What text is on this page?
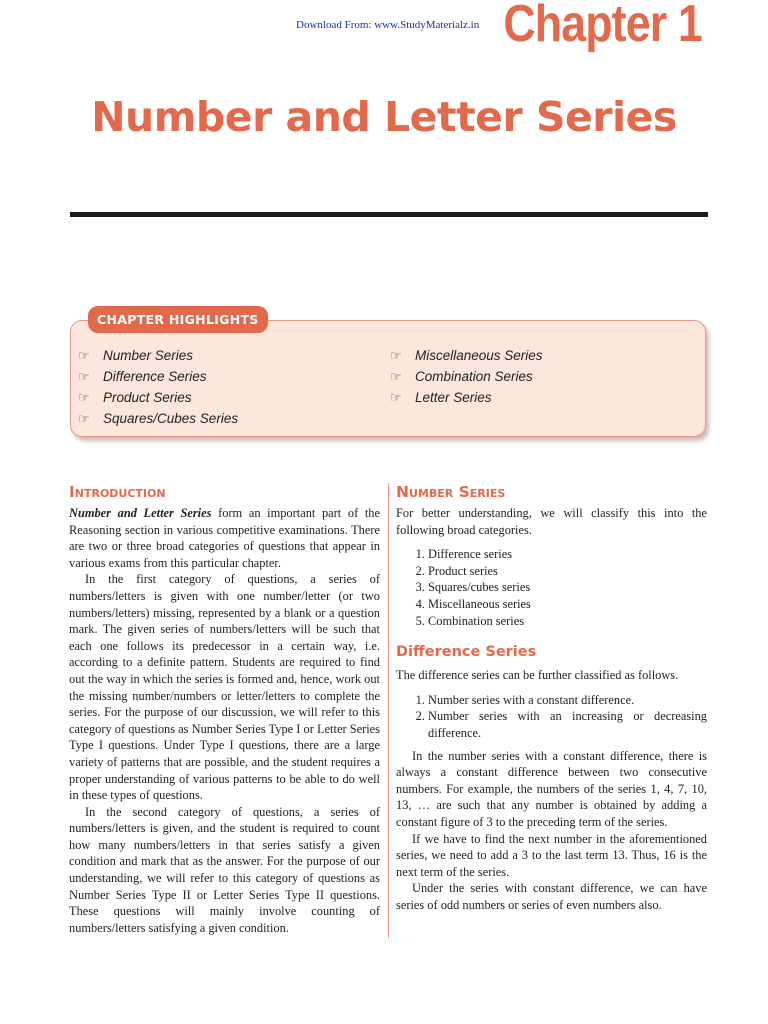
Download From: www.StudyMaterialz.in Chapter 1
Number and Letter Series
CHAPTER HIGHLIGHTS
☞ Number Series
☞ Difference Series
☞ Product Series
☞ Squares/Cubes Series
☞ Miscellaneous Series
☞ Combination Series
☞ Letter Series
Introduction

Number and Letter Series form an important part of the Reasoning section in various competitive examinations. There are two or three broad categories of questions that appear in various exams from this particular chapter.

In the first category of questions, a series of numbers/letters is given with one number/letter (or two numbers/letters) missing, represented by a blank or a question mark. The given series of numbers/letters will be such that each one follows its predecessor in a certain way, i.e. according to a definite pattern. Students are required to find out the way in which the series is formed and, hence, work out the missing number/numbers or letter/letters to complete the series. For the purpose of our discussion, we will refer to this category of questions as Number Series Type I or Letter Series Type I questions. Under Type I questions, there are a large variety of patterns that are possible, and the student requires a proper understanding of various patterns to be able to do well in these types of questions.

In the second category of questions, a series of numbers/letters is given, and the student is required to count how many numbers/letters in that series satisfy a given condition and mark that as the answer. For the purpose of our understanding, we will refer to this category of questions as Number Series Type II or Letter Series Type II questions. These questions will mainly involve counting of numbers/letters satisfying a given condition.

Number Series

For better understanding, we will classify this into the following broad categories.

1. Difference series
2. Product series
3. Squares/cubes series
4. Miscellaneous series
5. Combination series
Difference Series

The difference series can be further classified as follows.

1. Number series with a constant difference.
2. Number series with an increasing or decreasing difference.

In the number series with a constant difference, there is always a constant difference between two consecutive numbers. For example, the numbers of the series 1, 4, 7, 10, 13, … are such that any number is obtained by adding a constant figure of 3 to the preceding term of the series.

If we have to find the next number in the aforementioned series, we need to add a 3 to the last term 13. Thus, 16 is the next term of the series.

Under the series with constant difference, we can have series of odd numbers or series of even numbers also.
